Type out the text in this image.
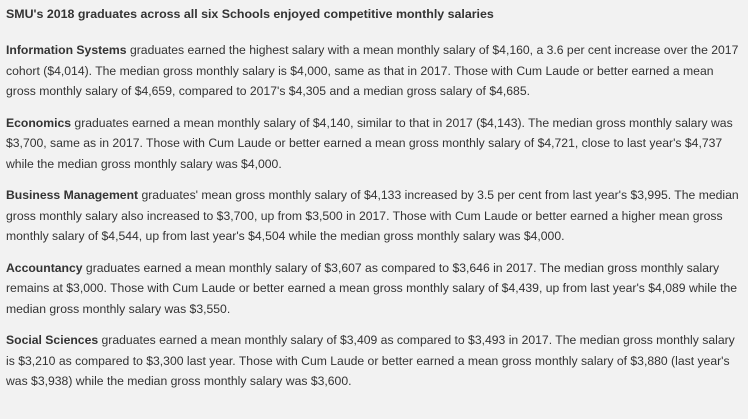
SMU's 2018 graduates across all six Schools enjoyed competitive monthly salaries

Information Systems graduates earned the highest salary with a mean monthly salary of $4,160, a 3.6 per cent increase over the 2017 cohort ($4,014). The median gross monthly salary is $4,000, same as that in 2017. Those with Cum Laude or better earned a mean gross monthly salary of $4,659, compared to 2017's $4,305 and a median gross salary of $4,685.

Economics graduates earned a mean monthly salary of $4,140, similar to that in 2017 ($4,143). The median gross monthly salary was $3,700, same as in 2017. Those with Cum Laude or better earned a mean gross monthly salary of $4,721, close to last year's $4,737 while the median gross monthly salary was $4,000.

Business Management graduates' mean gross monthly salary of $4,133 increased by 3.5 per cent from last year's $3,995. The median gross monthly salary also increased to $3,700, up from $3,500 in 2017. Those with Cum Laude or better earned a higher mean gross monthly salary of $4,544, up from last year's $4,504 while the median gross monthly salary was $4,000.

Accountancy graduates earned a mean monthly salary of $3,607 as compared to $3,646 in 2017. The median gross monthly salary remains at $3,000. Those with Cum Laude or better earned a mean gross monthly salary of $4,439, up from last year's $4,089 while the median gross monthly salary was $3,550.

Social Sciences graduates earned a mean monthly salary of $3,409 as compared to $3,493 in 2017. The median gross monthly salary is $3,210 as compared to $3,300 last year. Those with Cum Laude or better earned a mean gross monthly salary of $3,880 (last year's was $3,938) while the median gross monthly salary was $3,600.
